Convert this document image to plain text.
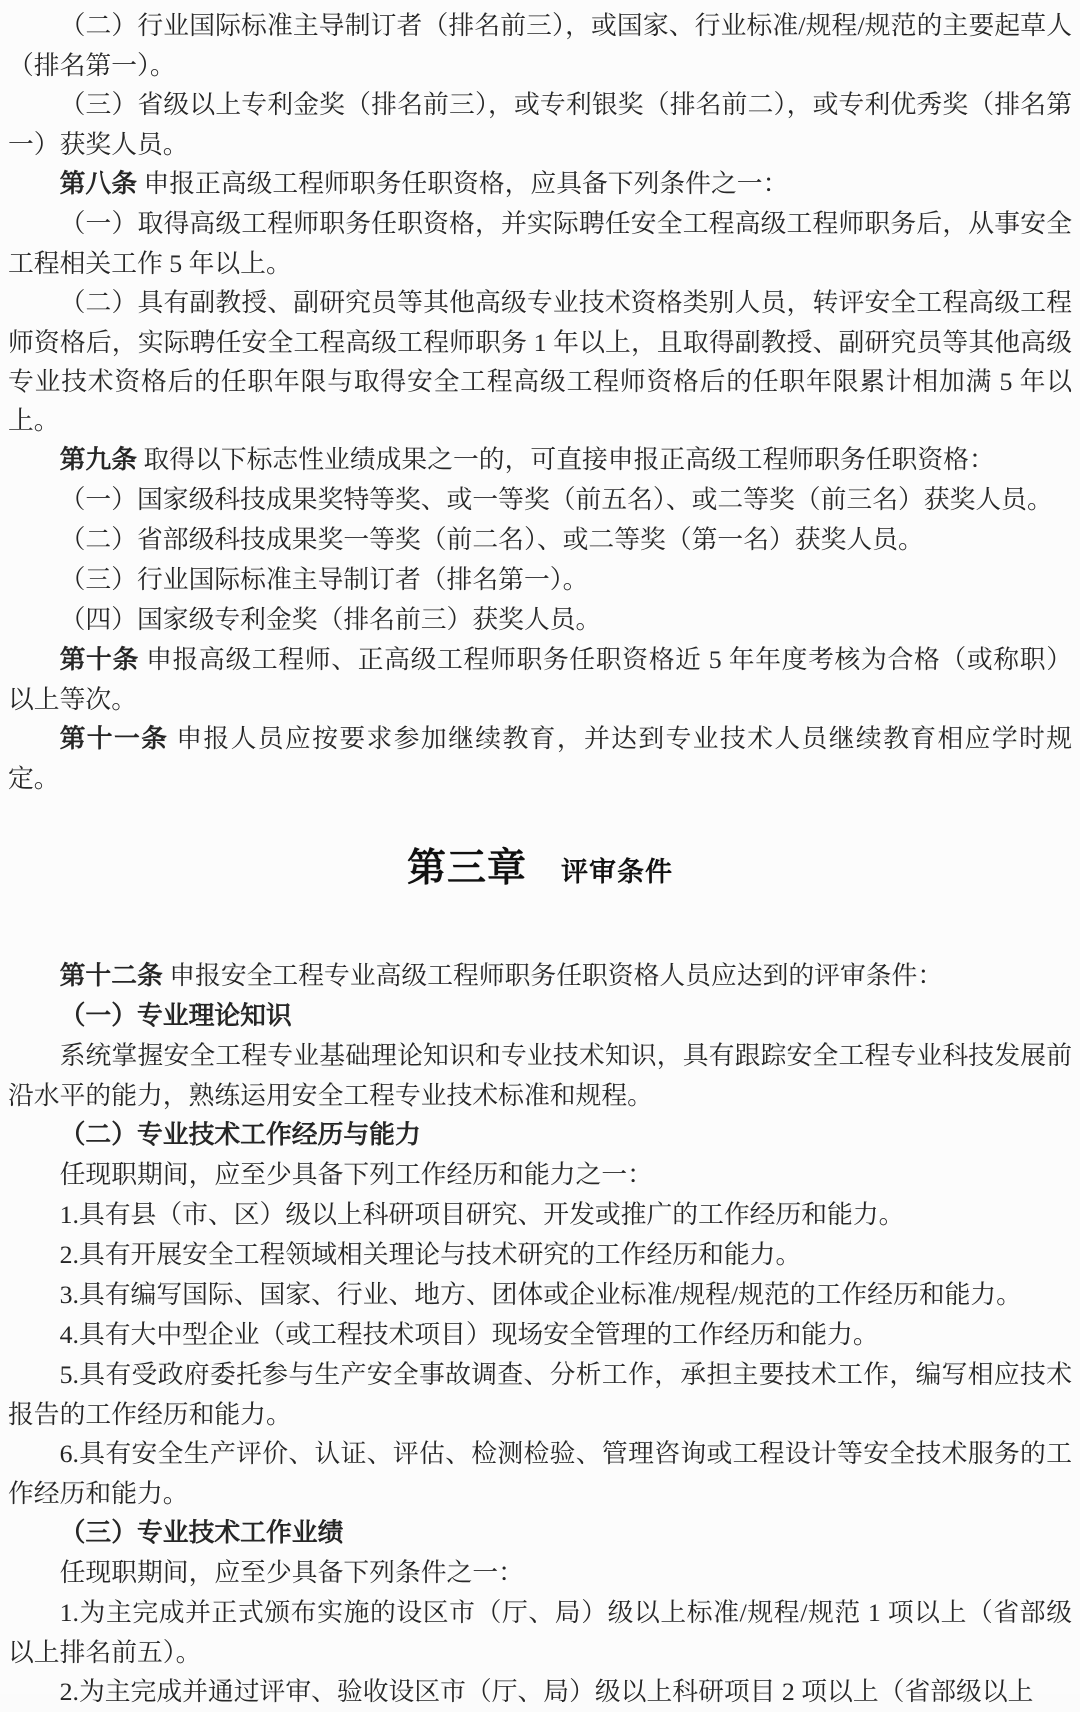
（二）行业国际标准主导制订者（排名前三），或国家、行业标准/规程/规范的主要起草人（排名第一）。

（三）省级以上专利金奖（排名前三），或专利银奖（排名前二），或专利优秀奖（排名第一）获奖人员。

第八条 申报正高级工程师职务任职资格，应具备下列条件之一：

（一）取得高级工程师职务任职资格，并实际聘任安全工程高级工程师职务后，从事安全工程相关工作 5 年以上。

（二）具有副教授、副研究员等其他高级专业技术资格类别人员，转评安全工程高级工程师资格后，实际聘任安全工程高级工程师职务 1 年以上，且取得副教授、副研究员等其他高级专业技术资格后的任职年限与取得安全工程高级工程师资格后的任职年限累计相加满 5 年以上。

第九条 取得以下标志性业绩成果之一的，可直接申报正高级工程师职务任职资格：

（一）国家级科技成果奖特等奖、或一等奖（前五名）、或二等奖（前三名）获奖人员。

（二）省部级科技成果奖一等奖（前二名）、或二等奖（第一名）获奖人员。

（三）行业国际标准主导制订者（排名第一）。

（四）国家级专利金奖（排名前三）获奖人员。

第十条 申报高级工程师、正高级工程师职务任职资格近 5 年年度考核为合格（或称职）以上等次。

第十一条 申报人员应按要求参加继续教育，并达到专业技术人员继续教育相应学时规定。

第三章 评审条件

第十二条 申报安全工程专业高级工程师职务任职资格人员应达到的评审条件：

（一）专业理论知识

系统掌握安全工程专业基础理论知识和专业技术知识，具有跟踪安全工程专业科技发展前沿水平的能力，熟练运用安全工程专业技术标准和规程。

（二）专业技术工作经历与能力

任现职期间，应至少具备下列工作经历和能力之一：

1.具有县（市、区）级以上科研项目研究、开发或推广的工作经历和能力。

2.具有开展安全工程领域相关理论与技术研究的工作经历和能力。

3.具有编写国际、国家、行业、地方、团体或企业标准/规程/规范的工作经历和能力。

4.具有大中型企业（或工程技术项目）现场安全管理的工作经历和能力。

5.具有受政府委托参与生产安全事故调查、分析工作，承担主要技术工作，编写相应技术报告的工作经历和能力。

6.具有安全生产评价、认证、评估、检测检验、管理咨询或工程设计等安全技术服务的工作经历和能力。

（三）专业技术工作业绩

任现职期间，应至少具备下列条件之一：

1.为主完成并正式颁布实施的设区市（厅、局）级以上标准/规程/规范 1 项以上（省部级以上排名前五）。

2.为主完成并通过评审、验收设区市（厅、局）级以上科研项目 2 项以上（省部级以上
